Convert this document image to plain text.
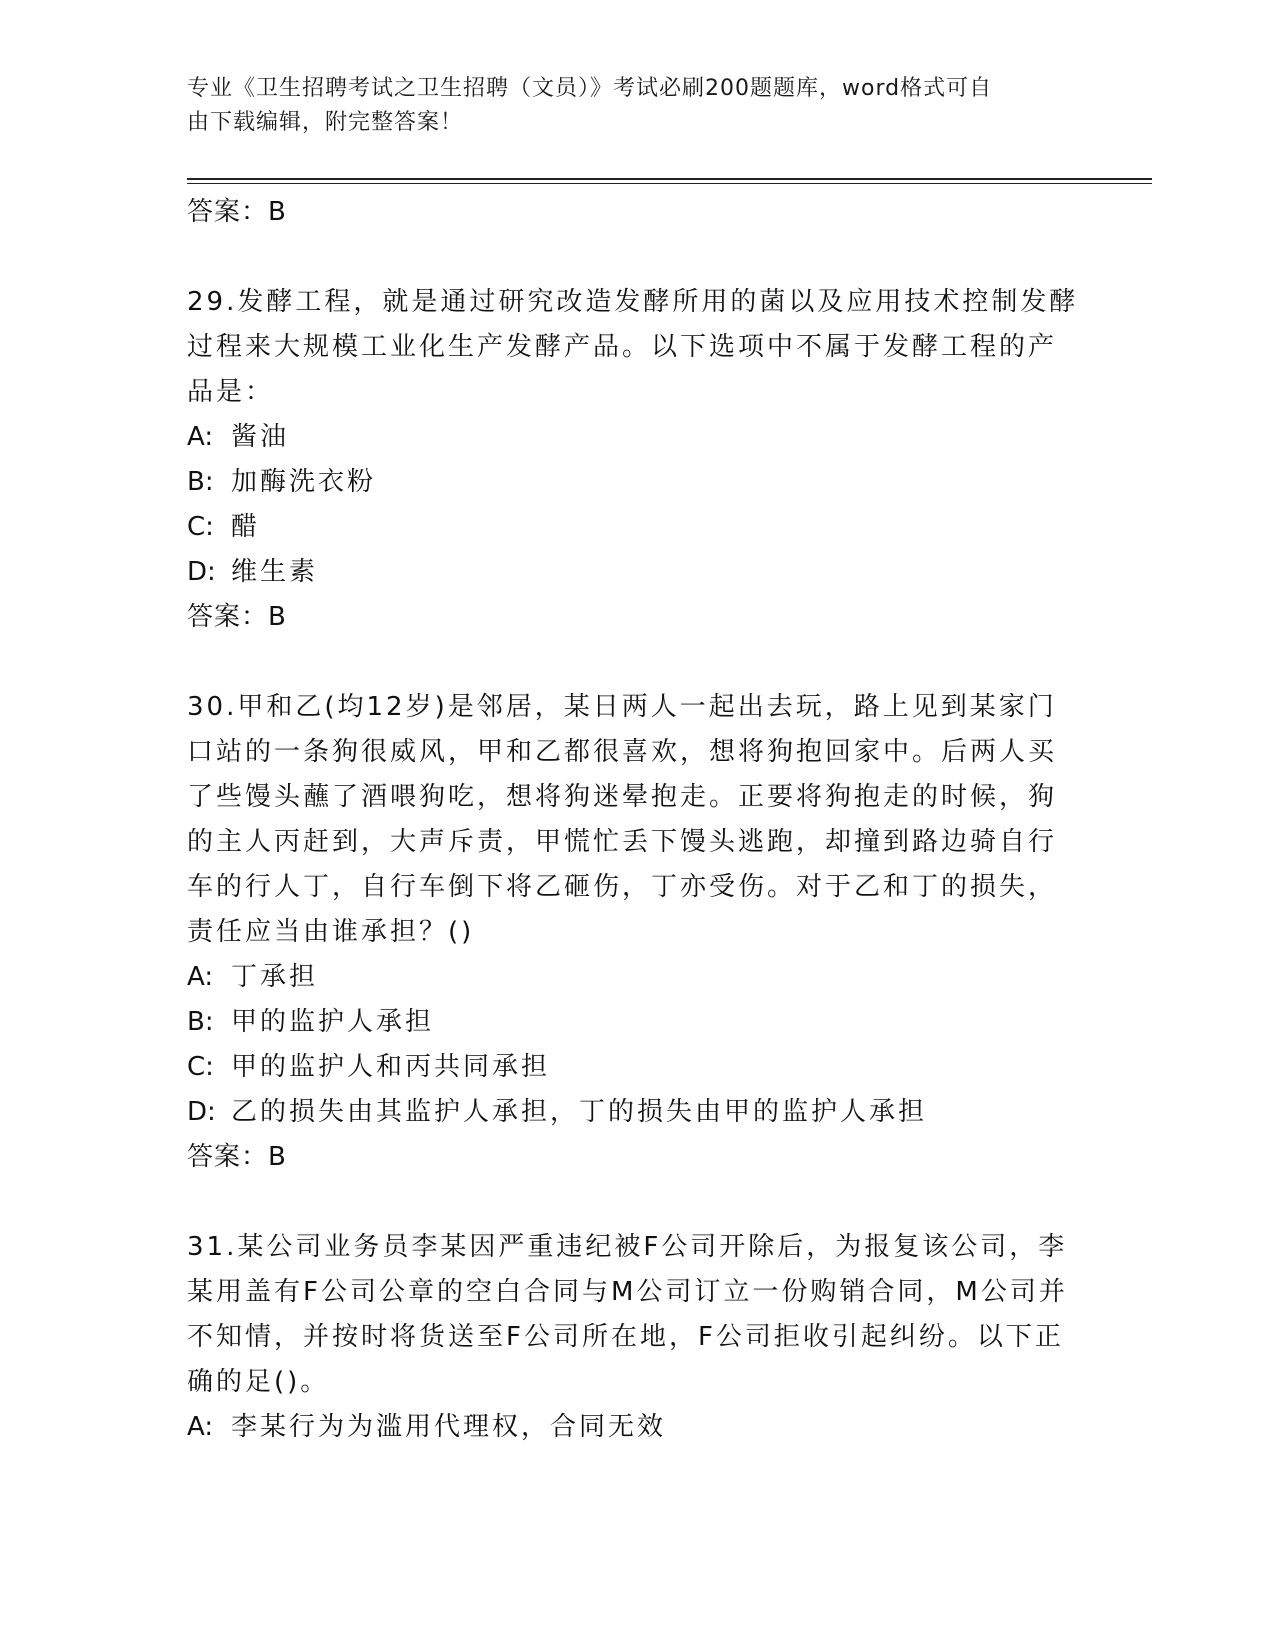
专业《卫生招聘考试之卫生招聘（文员）》考试必刷200题题库，word格式可自
由下载编辑，附完整答案！
答案：B
29.发酵工程，就是通过研究改造发酵所用的菌以及应用技术控制发酵
过程来大规模工业化生产发酵产品。以下选项中不属于发酵工程的产
品是：
A: 酱油
B: 加酶洗衣粉
C: 醋
D: 维生素
答案：B
30.甲和乙(均12岁)是邻居，某日两人一起出去玩，路上见到某家门
口站的一条狗很威风，甲和乙都很喜欢，想将狗抱回家中。后两人买
了些馒头蘸了酒喂狗吃，想将狗迷晕抱走。正要将狗抱走的时候，狗
的主人丙赶到，大声斥责，甲慌忙丢下馒头逃跑，却撞到路边骑自行
车的行人丁，自行车倒下将乙砸伤，丁亦受伤。对于乙和丁的损失，
责任应当由谁承担？()
A: 丁承担
B: 甲的监护人承担
C: 甲的监护人和丙共同承担
D: 乙的损失由其监护人承担，丁的损失由甲的监护人承担
答案：B
31.某公司业务员李某因严重违纪被F公司开除后，为报复该公司，李
某用盖有F公司公章的空白合同与M公司订立一份购销合同，M公司并
不知情，并按时将货送至F公司所在地，F公司拒收引起纠纷。以下正
确的足()。
A: 李某行为为滥用代理权，合同无效
